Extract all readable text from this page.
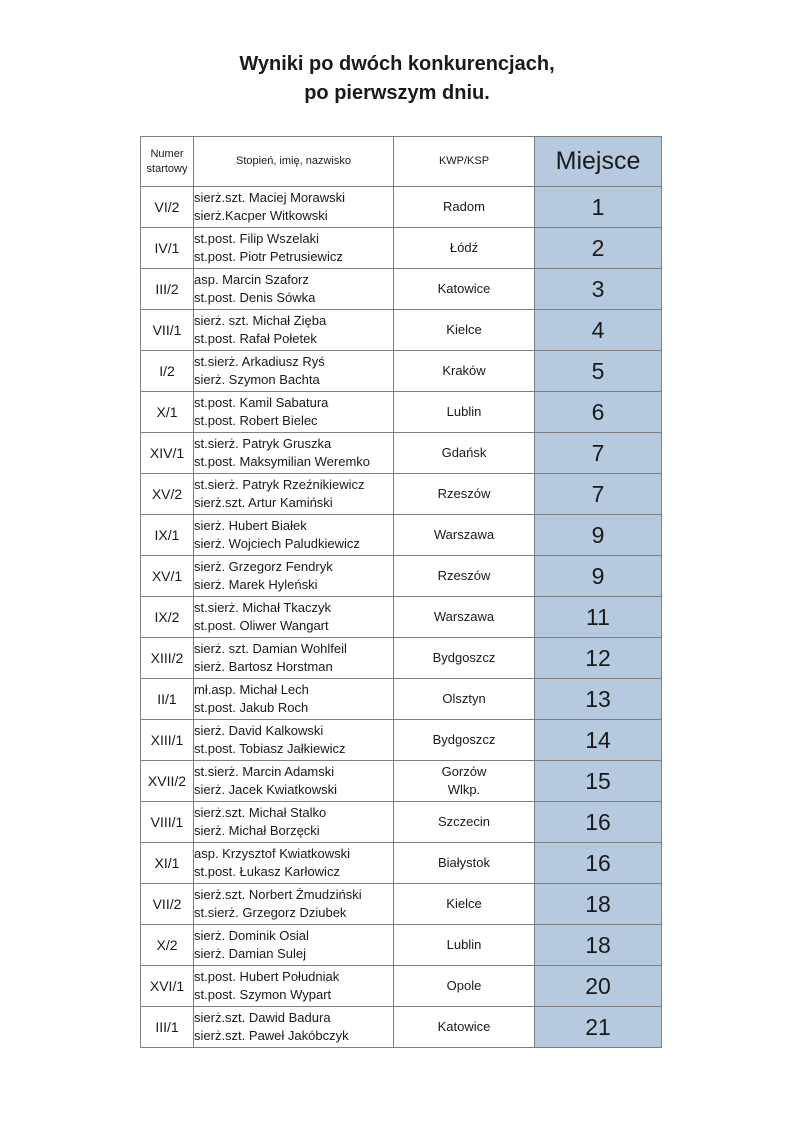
Wyniki po dwóch konkurencjach,
po pierwszym dniu.
Numer
startowy	Stopień, imię, nazwisko	KWP/KSP	Miejsce
VI/2	sierż.szt. Maciej Morawski
sierż.Kacper Witkowski	Radom	1
IV/1	st.post. Filip Wszelaki
st.post. Piotr Petrusiewicz	Łódź	2
III/2	asp. Marcin Szaforz
st.post. Denis Sówka	Katowice	3
VII/1	sierż. szt. Michał Zięba
st.post. Rafał Połetek	Kielce	4
I/2	st.sierż. Arkadiusz Ryś
sierż. Szymon Bachta	Kraków	5
X/1	st.post. Kamil Sabatura
st.post. Robert Bielec	Lublin	6
XIV/1	st.sierż. Patryk Gruszka
st.post. Maksymilian Weremko	Gdańsk	7
XV/2	st.sierż. Patryk Rzeźnikiewicz
sierż.szt. Artur Kamiński	Rzeszów	7
IX/1	sierż. Hubert Białek
sierż. Wojciech Paludkiewicz	Warszawa	9
XV/1	sierż. Grzegorz Fendryk
sierż. Marek Hyleński	Rzeszów	9
IX/2	st.sierż. Michał Tkaczyk
st.post. Oliwer Wangart	Warszawa	11
XIII/2	sierż. szt. Damian Wohlfeil
sierż. Bartosz Horstman	Bydgoszcz	12
II/1	mł.asp. Michał Lech
st.post. Jakub Roch	Olsztyn	13
XIII/1	sierż. David Kalkowski
st.post. Tobiasz Jałkiewicz	Bydgoszcz	14
XVII/2	st.sierż. Marcin Adamski
sierż. Jacek Kwiatkowski	Gorzów
Wlkp.	15
VIII/1	sierż.szt. Michał Stalko
sierż. Michał Borzęcki	Szczecin	16
XI/1	asp. Krzysztof Kwiatkowski
st.post. Łukasz Karłowicz	Białystok	16
VII/2	sierż.szt. Norbert Żmudziński
st.sierż. Grzegorz Dziubek	Kielce	18
X/2	sierż. Dominik Osial
sierż. Damian Sulej	Lublin	18
XVI/1	st.post. Hubert Południak
st.post. Szymon Wypart	Opole	20
III/1	sierż.szt. Dawid Badura
sierż.szt. Paweł Jakóbczyk	Katowice	21
